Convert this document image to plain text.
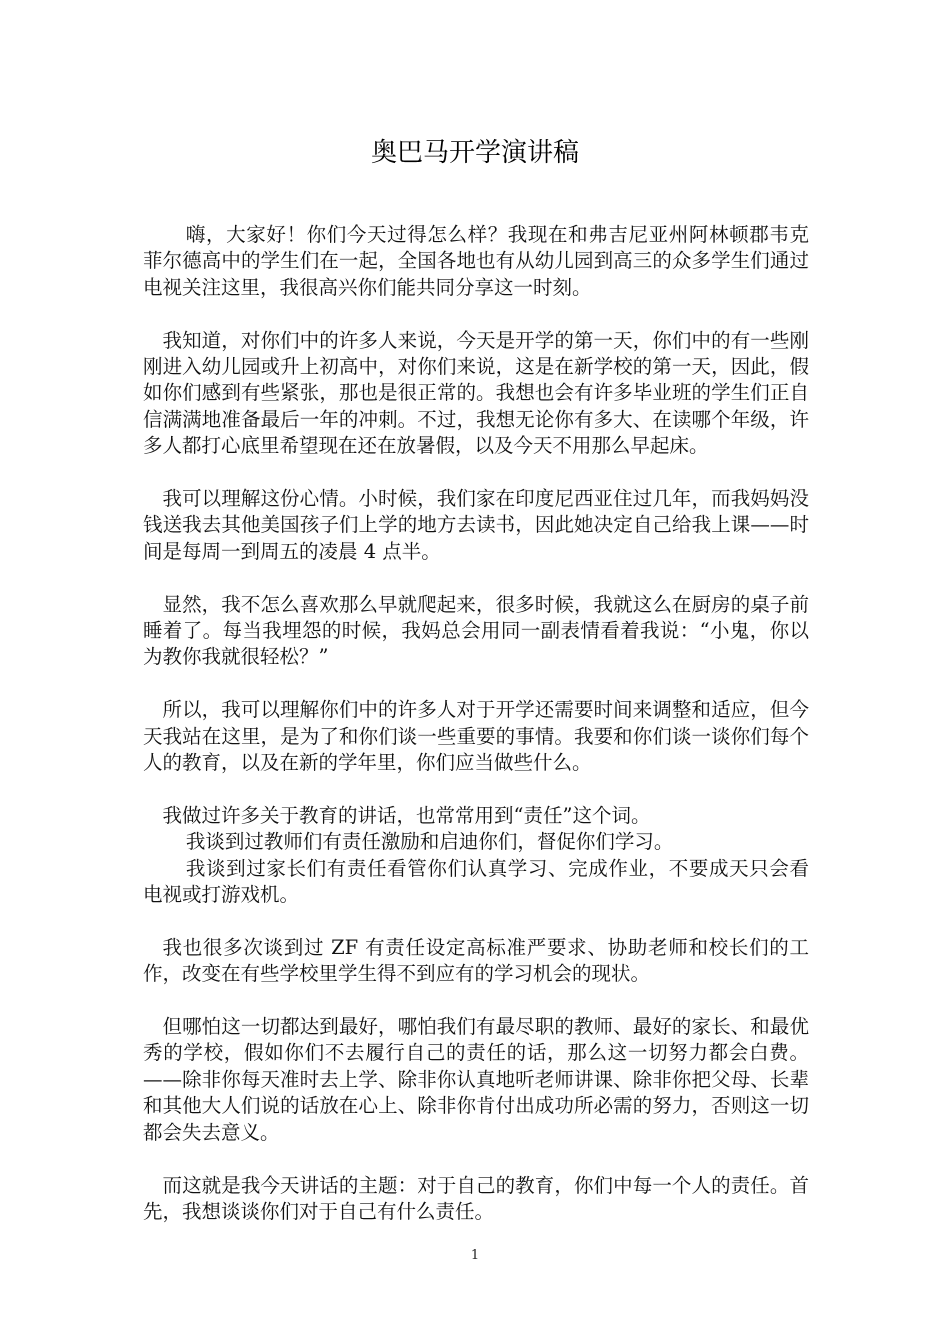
奥巴马开学演讲稿

嗨，大家好！你们今天过得怎么样？我现在和弗吉尼亚州阿林顿郡韦克菲尔德高中的学生们在一起，全国各地也有从幼儿园到高三的众多学生们通过电视关注这里，我很高兴你们能共同分享这一时刻。

我知道，对你们中的许多人来说，今天是开学的第一天，你们中的有一些刚刚进入幼儿园或升上初高中，对你们来说，这是在新学校的第一天，因此，假如你们感到有些紧张，那也是很正常的。我想也会有许多毕业班的学生们正自信满满地准备最后一年的冲刺。不过，我想无论你有多大、在读哪个年级，许多人都打心底里希望现在还在放暑假，以及今天不用那么早起床。

我可以理解这份心情。小时候，我们家在印度尼西亚住过几年，而我妈妈没钱送我去其他美国孩子们上学的地方去读书，因此她决定自己给我上课——时间是每周一到周五的凌晨 4 点半。

显然，我不怎么喜欢那么早就爬起来，很多时候，我就这么在厨房的桌子前睡着了。每当我埋怨的时候，我妈总会用同一副表情看着我说：“小鬼，你以为教你我就很轻松？”

所以，我可以理解你们中的许多人对于开学还需要时间来调整和适应，但今天我站在这里，是为了和你们谈一些重要的事情。我要和你们谈一谈你们每个人的教育，以及在新的学年里，你们应当做些什么。

我做过许多关于教育的讲话，也常常用到“责任”这个词。

我谈到过教师们有责任激励和启迪你们，督促你们学习。

我谈到过家长们有责任看管你们认真学习、完成作业，不要成天只会看电视或打游戏机。

我也很多次谈到过 ZF 有责任设定高标准严要求、协助老师和校长们的工作，改变在有些学校里学生得不到应有的学习机会的现状。

但哪怕这一切都达到最好，哪怕我们有最尽职的教师、最好的家长、和最优秀的学校，假如你们不去履行自己的责任的话，那么这一切努力都会白费。——除非你每天准时去上学、除非你认真地听老师讲课、除非你把父母、长辈和其他大人们说的话放在心上、除非你肯付出成功所必需的努力，否则这一切都会失去意义。

而这就是我今天讲话的主题：对于自己的教育，你们中每一个人的责任。首先，我想谈谈你们对于自己有什么责任。

1
